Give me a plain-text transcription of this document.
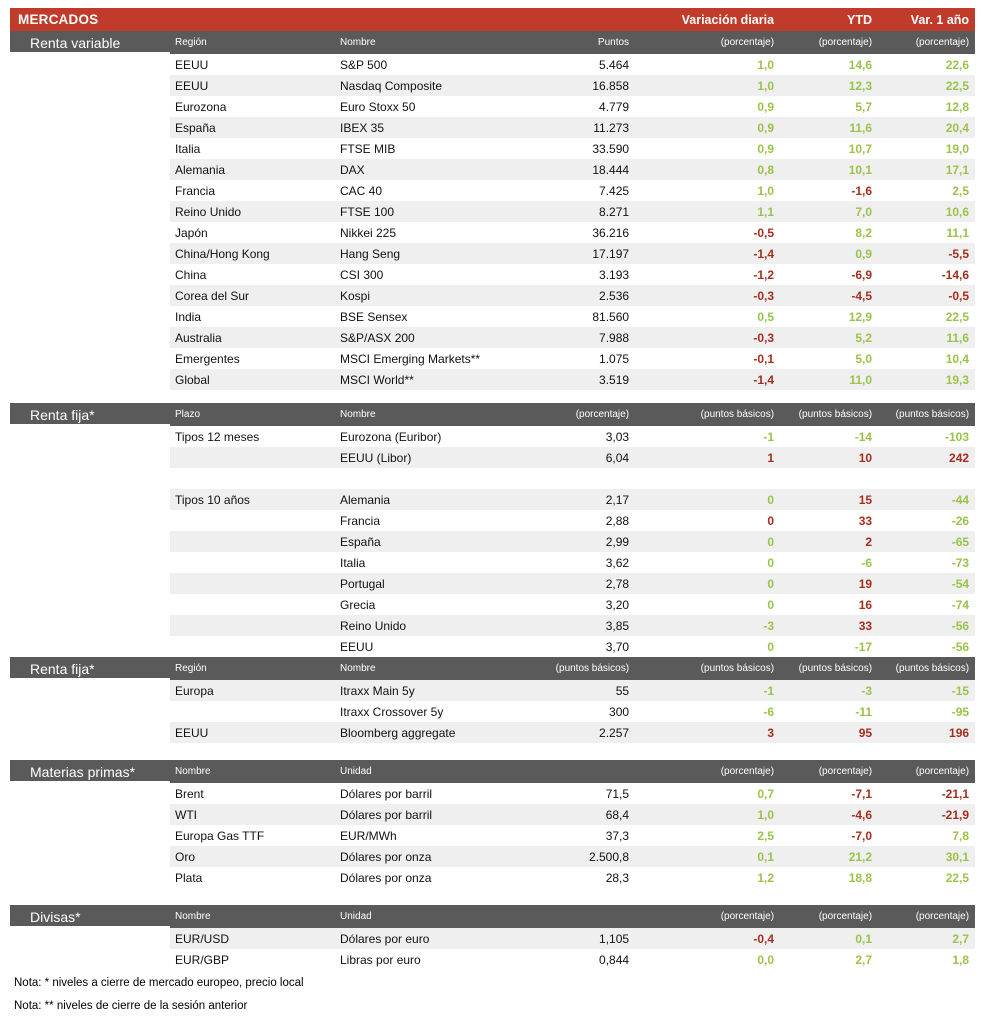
MERCADOS				Variación diaria	YTD	Var. 1 año
Renta variable	Región	Nombre	Puntos	(porcentaje)	(porcentaje)	(porcentaje)
	EEUU	S&P 500	5.464	1,0	14,6	22,6
	EEUU	Nasdaq Composite	16.858	1,0	12,3	22,5
	Eurozona	Euro Stoxx 50	4.779	0,9	5,7	12,8
	España	IBEX 35	11.273	0,9	11,6	20,4
	Italia	FTSE MIB	33.590	0,9	10,7	19,0
	Alemania	DAX	18.444	0,8	10,1	17,1
	Francia	CAC 40	7.425	1,0	-1,6	2,5
	Reino Unido	FTSE 100	8.271	1,1	7,0	10,6
	Japón	Nikkei 225	36.216	-0,5	8,2	11,1
	China/Hong Kong	Hang Seng	17.197	-1,4	0,9	-5,5
	China	CSI 300	3.193	-1,2	-6,9	-14,6
	Corea del Sur	Kospi	2.536	-0,3	-4,5	-0,5
	India	BSE Sensex	81.560	0,5	12,9	22,5
	Australia	S&P/ASX 200	7.988	-0,3	5,2	11,6
	Emergentes	MSCI Emerging Markets**	1.075	-0,1	5,0	10,4
	Global	MSCI World**	3.519	-1,4	11,0	19,3

Renta fija*	Plazo	Nombre	(porcentaje)	(puntos básicos)	(puntos básicos)	(puntos básicos)
	Tipos 12 meses	Eurozona (Euribor)	3,03	-1	-14	-103
		EEUU (Libor)	6,04	1	10	242

	Tipos 10 años	Alemania	2,17	0	15	-44
		Francia	2,88	0	33	-26
		España	2,99	0	2	-65
		Italia	3,62	0	-6	-73
		Portugal	2,78	0	19	-54
		Grecia	3,20	0	16	-74
		Reino Unido	3,85	-3	33	-56
		EEUU	3,70	0	-17	-56
Renta fija*	Región	Nombre	(puntos básicos)	(puntos básicos)	(puntos básicos)	(puntos básicos)
	Europa	Itraxx Main 5y	55	-1	-3	-15
		Itraxx Crossover 5y	300	-6	-11	-95
	EEUU	Bloomberg aggregate	2.257	3	95	196

Materias primas*	Nombre	Unidad		(porcentaje)	(porcentaje)	(porcentaje)
	Brent	Dólares por barril	71,5	0,7	-7,1	-21,1
	WTI	Dólares por barril	68,4	1,0	-4,6	-21,9
	Europa Gas TTF	EUR/MWh	37,3	2,5	-7,0	7,8
	Oro	Dólares por onza	2.500,8	0,1	21,2	30,1
	Plata	Dólares por onza	28,3	1,2	18,8	22,5

Divisas*	Nombre	Unidad		(porcentaje)	(porcentaje)	(porcentaje)
	EUR/USD	Dólares por euro	1,105	-0,4	0,1	2,7
	EUR/GBP	Libras por euro	0,844	0,0	2,7	1,8

Nota: * niveles a cierre de mercado europeo, precio local

Nota: ** niveles de cierre de la sesión anterior
